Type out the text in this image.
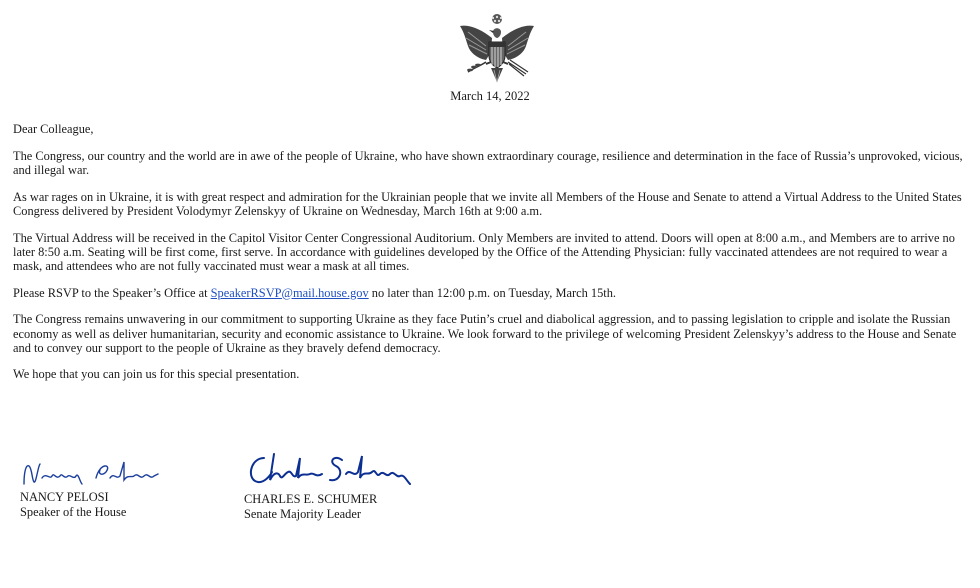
March 14, 2022

Dear Colleague,

The Congress, our country and the world are in awe of the people of Ukraine, who have shown extraordinary courage, resilience and determination in the face of Russia’s unprovoked, vicious, and illegal war.

As war rages on in Ukraine, it is with great respect and admiration for the Ukrainian people that we invite all Members of the House and Senate to attend a Virtual Address to the United States Congress delivered by President Volodymyr Zelenskyy of Ukraine on Wednesday, March 16th at 9:00 a.m.

The Virtual Address will be received in the Capitol Visitor Center Congressional Auditorium. Only Members are invited to attend. Doors will open at 8:00 a.m., and Members are to arrive no later 8:50 a.m. Seating will be first come, first serve. In accordance with guidelines developed by the Office of the Attending Physician: fully vaccinated attendees are not required to wear a mask, and attendees who are not fully vaccinated must wear a mask at all times.

Please RSVP to the Speaker’s Office at SpeakerRSVP@mail.house.gov no later than 12:00 p.m. on Tuesday, March 15th.

The Congress remains unwavering in our commitment to supporting Ukraine as they face Putin’s cruel and diabolical aggression, and to passing legislation to cripple and isolate the Russian economy as well as deliver humanitarian, security and economic assistance to Ukraine. We look forward to the privilege of welcoming President Zelenskyy’s address to the House and Senate and to convey our support to the people of Ukraine as they bravely defend democracy.

We hope that you can join us for this special presentation.

NANCY PELOSI
Speaker of the House
CHARLES E. SCHUMER
Senate Majority Leader
